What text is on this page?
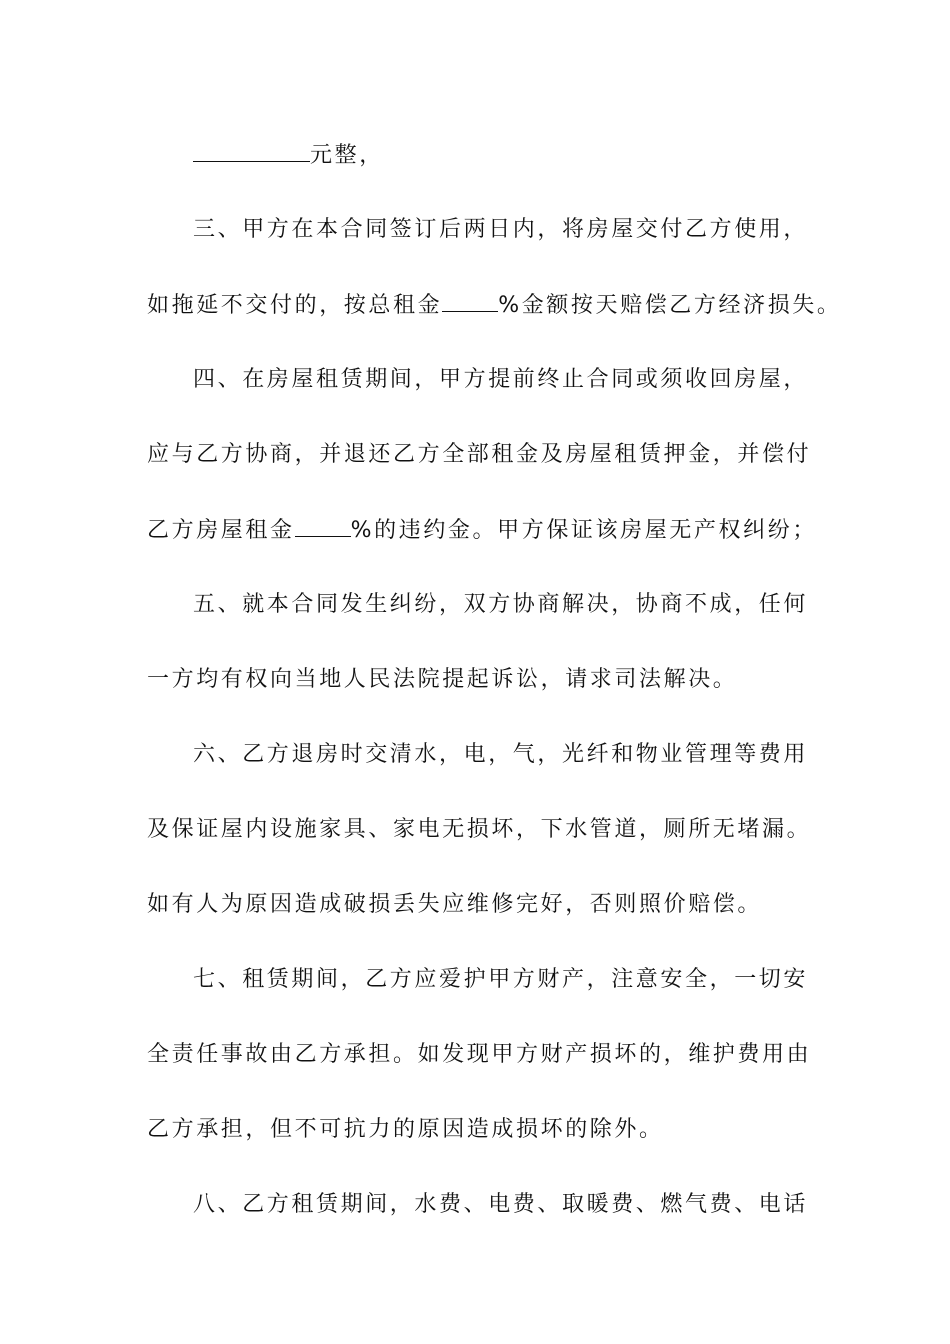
元整，
三、甲方在本合同签订后两日内，将房屋交付乙方使用，
如拖延不交付的，按总租金	%金额按天赔偿乙方经济损失。
四、在房屋租赁期间，甲方提前终止合同或须收回房屋，
应与乙方协商，并退还乙方全部租金及房屋租赁押金，并偿付
乙方房屋租金	%的违约金。甲方保证该房屋无产权纠纷；
五、就本合同发生纠纷，双方协商解决，协商不成，任何
一方均有权向当地人民法院提起诉讼，请求司法解决。
六、乙方退房时交清水，电，气，光纤和物业管理等费用
及保证屋内设施家具、家电无损坏，下水管道，厕所无堵漏。
如有人为原因造成破损丢失应维修完好，否则照价赔偿。
七、租赁期间，乙方应爱护甲方财产，注意安全，一切安
全责任事故由乙方承担。如发现甲方财产损坏的，维护费用由
乙方承担，但不可抗力的原因造成损坏的除外。
八、乙方租赁期间，水费、电费、取暖费、燃气费、电话
